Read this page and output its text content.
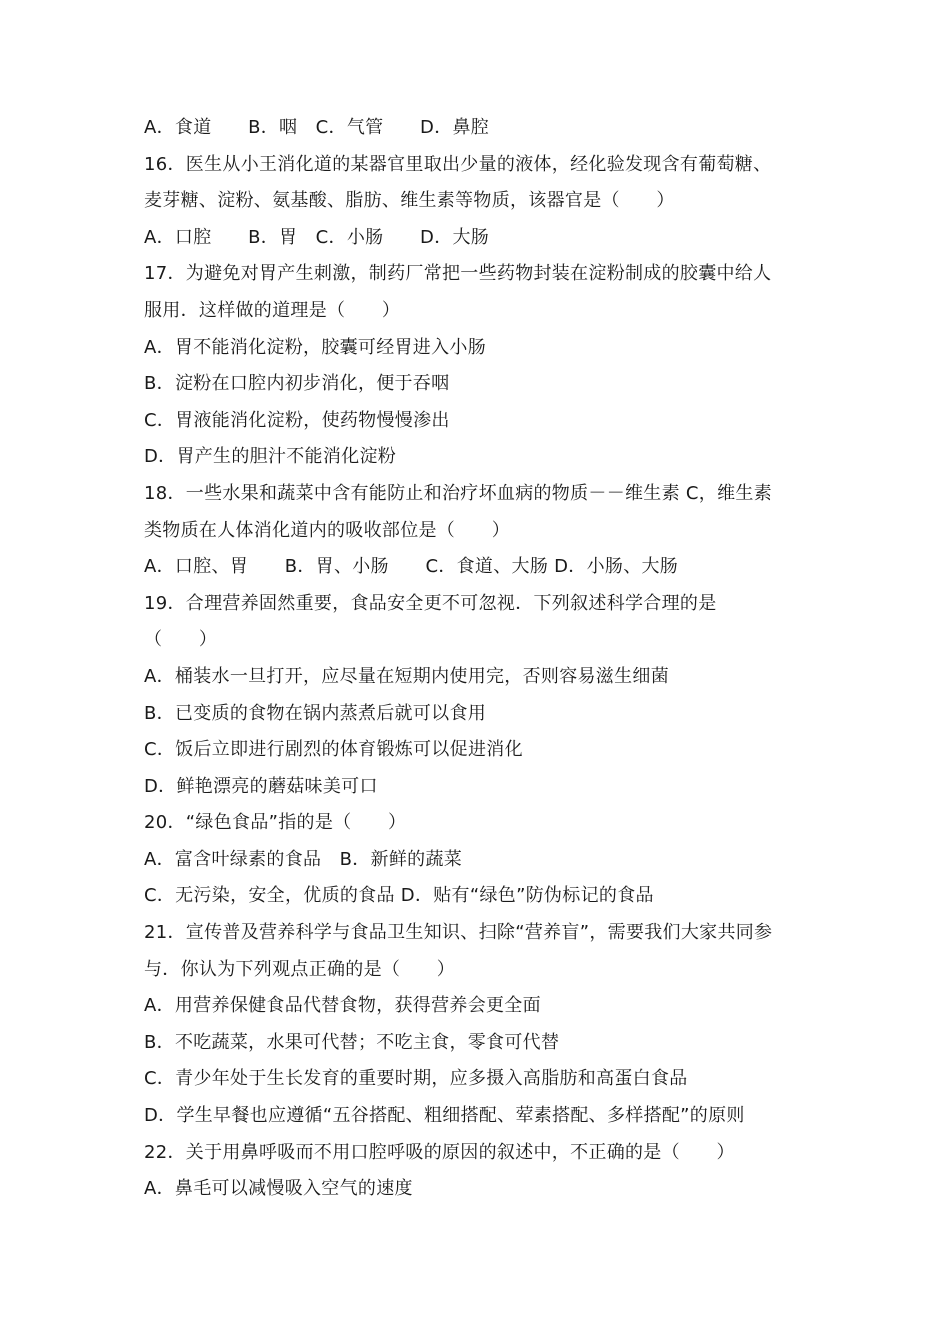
A．食道　　B．咽　C．气管　　D．鼻腔
16．医生从小王消化道的某器官里取出少量的液体，经化验发现含有葡萄糖、
麦芽糖、淀粉、氨基酸、脂肪、维生素等物质，该器官是（　　）
A．口腔　　B．胃　C．小肠　　D．大肠
17．为避免对胃产生刺激，制药厂常把一些药物封装在淀粉制成的胶囊中给人
服用．这样做的道理是（　　）
A．胃不能消化淀粉，胶囊可经胃进入小肠
B．淀粉在口腔内初步消化，便于吞咽
C．胃液能消化淀粉，使药物慢慢渗出
D．胃产生的胆汁不能消化淀粉
18．一些水果和蔬菜中含有能防止和治疗坏血病的物质－－维生素 C，维生素
类物质在人体消化道内的吸收部位是（　　）
A．口腔、胃　　B．胃、小肠　　C．食道、大肠 D．小肠、大肠
19．合理营养固然重要，食品安全更不可忽视．下列叙述科学合理的是
（　　）
A．桶装水一旦打开，应尽量在短期内使用完，否则容易滋生细菌
B．已变质的食物在锅内蒸煮后就可以食用
C．饭后立即进行剧烈的体育锻炼可以促进消化
D．鲜艳漂亮的蘑菇味美可口
20．“绿色食品”指的是（　　）
A．富含叶绿素的食品　B．新鲜的蔬菜
C．无污染，安全，优质的食品 D．贴有“绿色”防伪标记的食品
21．宣传普及营养科学与食品卫生知识、扫除“营养盲”，需要我们大家共同参
与．你认为下列观点正确的是（　　）
A．用营养保健食品代替食物，获得营养会更全面
B．不吃蔬菜，水果可代替；不吃主食，零食可代替
C．青少年处于生长发育的重要时期，应多摄入高脂肪和高蛋白食品
D．学生早餐也应遵循“五谷搭配、粗细搭配、荤素搭配、多样搭配”的原则
22．关于用鼻呼吸而不用口腔呼吸的原因的叙述中，不正确的是（　　）
A．鼻毛可以减慢吸入空气的速度
